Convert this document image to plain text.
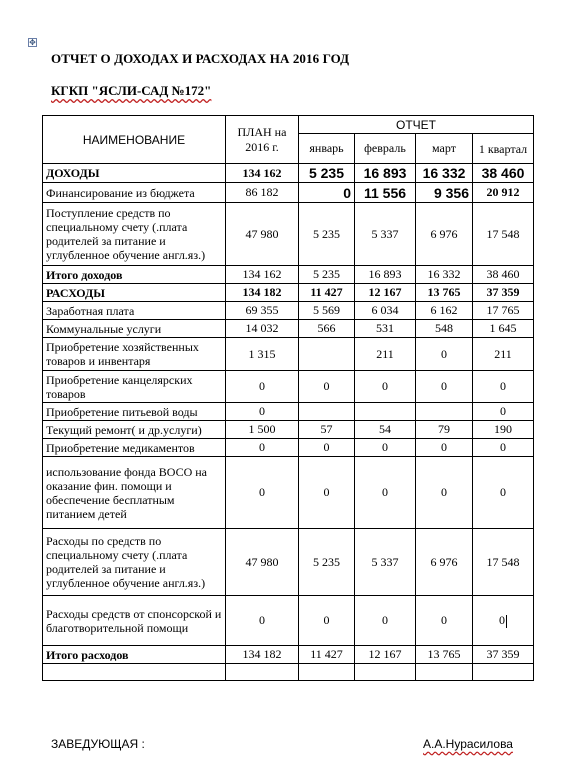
✥
ОТЧЕТ О ДОХОДАХ И РАСХОДАХ НА 2016 ГОД
КГКП "ЯСЛИ-САД №172"
НАИМЕНОВАНИЕ	ПЛАН на 2016 г.	ОТЧЕТ			
		январь	февраль	март	1 квартал
ДОХОДЫ	134 162	5 235	16 893	16 332	38 460
Финансирование из бюджета	86 182	0	11 556	9 356	20 912
Поступление средств по специальному счету (.плата родителей за питание и углубленное обучение англ.яз.)	47 980	5 235	5 337	6 976	17 548
Итого доходов	134 162	5 235	16 893	16 332	38 460
РАСХОДЫ	134 182	11 427	12 167	13 765	37 359
Заработная плата	69 355	5 569	6 034	6 162	17 765
Коммунальные услуги	14 032	566	531	548	1 645
Приобретение хозяйственных товаров и инвентаря	1 315		211	0	211
Приобретение канцелярских товаров	0	0	0	0	0
Приобретение питьевой воды	0				0
Текущий ремонт( и др.услуги)	1 500	57	54	79	190
Приобретение медикаментов	0	0	0	0	0
использование фонда ВОСО на оказание фин. помощи и обеспечение бесплатным питанием детей	0	0	0	0	0
Расходы по средств по специальному счету (.плата родителей за питание и углубленное обучение англ.яз.)	47 980	5 235	5 337	6 976	17 548
Расходы средств от спонсорской и благотворительной помощи	0	0	0	0	0
Итого расходов	134 182	11 427	12 167	13 765	37 359

ЗАВЕДУЮЩАЯ :	А.А.Нурасилова
